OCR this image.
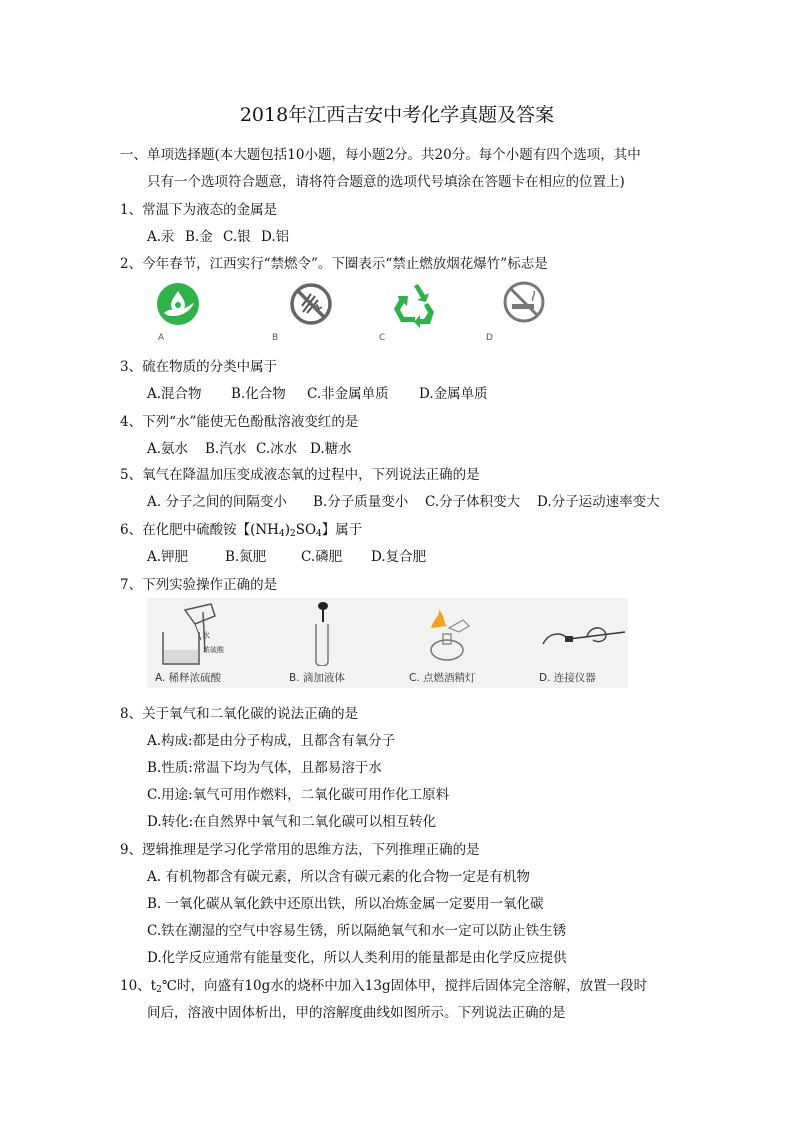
2018年江西吉安中考化学真题及答案
一、单项选择题(本大题包括10小题，每小题2分。共20分。每个小题有四个选项，其中
只有一个选项符合题意，请将符合题意的选项代号填涂在答题卡在相应的位置上)
1、常温下为液态的金属是
A.汞 B.金 C.银 D.铝
2、今年春节，江西实行“禁燃令”。下圈表示“禁止燃放烟花爆竹”标志是
A	B	C	D
3、硫在物质的分类中属于
A.混合物 B.化合物 C.非金属单质 D.金属单质
4、下列“水”能使无色酚酞溶液变红的是
A.氨水 B.汽水 C.冰水 D.糖水
5、氧气在降温加压变成液态氧的过程中，下列说法正确的是
A. 分子之间的间隔变小 B.分子质量变小 C.分子体积变大 D.分子运动速率变大
6、在化肥中硫酸铵【$(NH_4)_2SO_4$】属于
A.钾肥	B.氮肥	C.磷肥 D.复合肥
7、下列实验操作正确的是
水
浓硫酸
A. 稀释浓硫酸	B. 滴加液体	C. 点燃酒精灯	D. 连接仪器
8、关于氧气和二氧化碳的说法正确的是
A.构成:都是由分子构成，且都含有氧分子
B.性质:常温下均为气体，且都易溶于水
C.用途:氧气可用作燃料，二氧化碳可用作化工原料
D.转化:在自然界中氧气和二氧化碳可以相互转化
9、逻辑推理是学习化学常用的思维方法，下列推理正确的是
A. 有机物都含有碳元素，所以含有碳元素的化合物一定是有机物
B. 一氧化碳从氧化鉄中还原出铁，所以冶炼金属一定要用一氧化碳
C.铁在潮湿的空气中容易生锈，所以隔絶氧气和水一定可以防止铁生锈
D.化学反应通常有能量变化，所以人类利用的能量都是由化学反应提供
10、$t_2℃$时，向盛有10g水的烧杯中加入13g固体甲，搅拌后固体完全溶解，放置一段时
间后，溶液中固体析出，甲的溶解度曲线如图所示。下列说法正确的是
